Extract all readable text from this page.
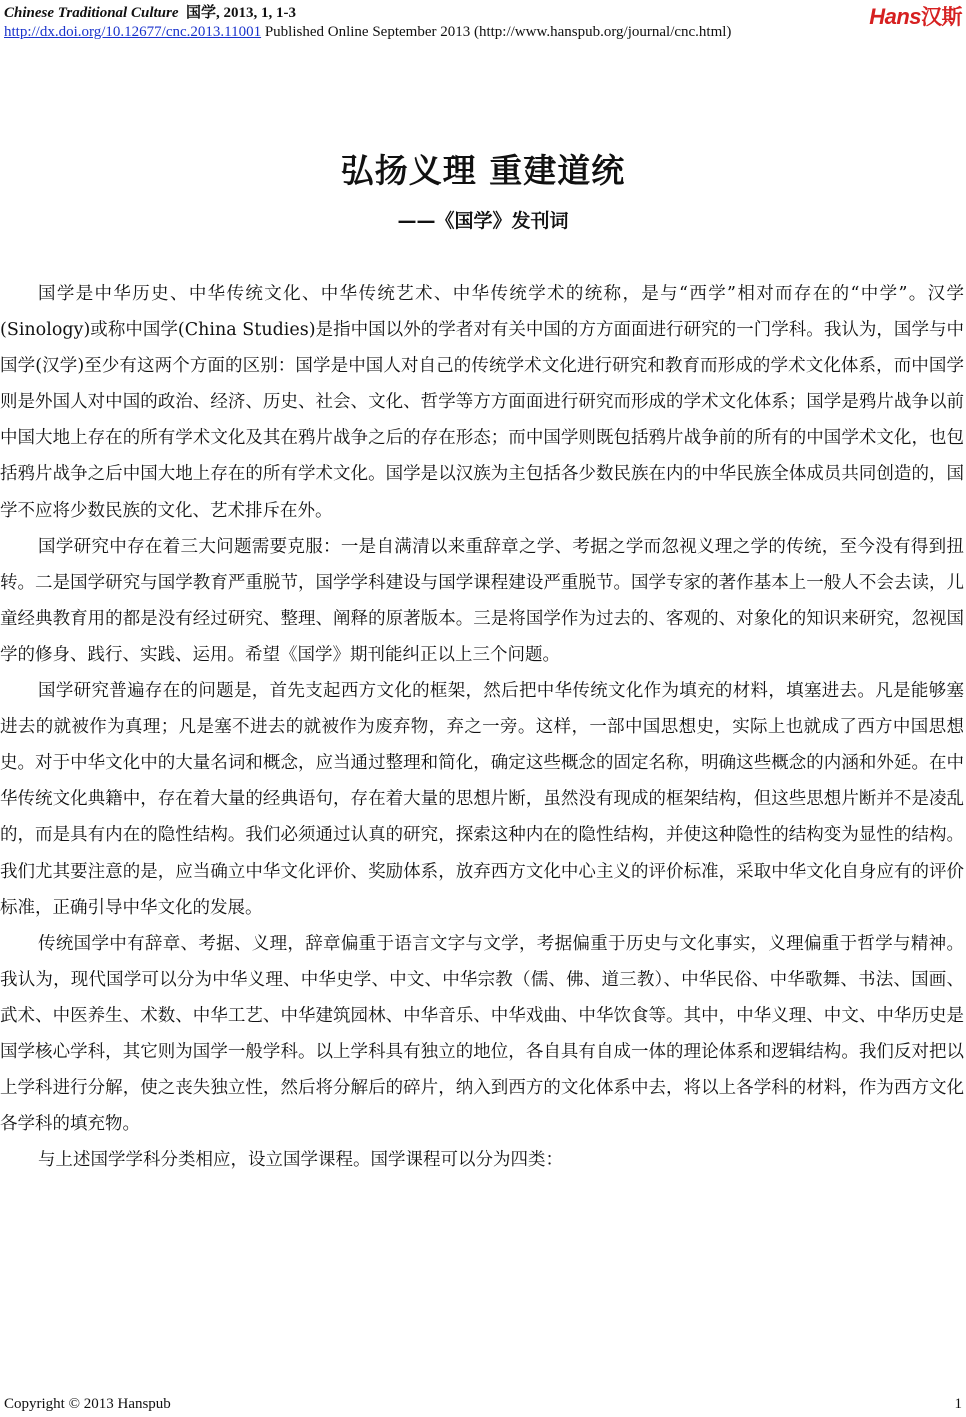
Chinese Traditional Culture 国学, 2013, 1, 1-3	Hans汉斯
http://dx.doi.org/10.12677/cnc.2013.11001 Published Online September 2013 (http://www.hanspub.org/journal/cnc.html)
弘扬义理 重建道统
——《国学》发刊词

国学是中华历史、中华传统文化、中华传统艺术、中华传统学术的统称，是与“西学”相对而存在的“中学”。汉学(Sinology)或称中国学(China Studies)是指中国以外的学者对有关中国的方方面面进行研究的一门学科。我认为，国学与中国学(汉学)至少有这两个方面的区别：国学是中国人对自己的传统学术文化进行研究和教育而形成的学术文化体系，而中国学则是外国人对中国的政治、经济、历史、社会、文化、哲学等方方面面进行研究而形成的学术文化体系；国学是鸦片战争以前中国大地上存在的所有学术文化及其在鸦片战争之后的存在形态；而中国学则既包括鸦片战争前的所有的中国学术文化，也包括鸦片战争之后中国大地上存在的所有学术文化。国学是以汉族为主包括各少数民族在内的中华民族全体成员共同创造的，国学不应将少数民族的文化、艺术排斥在外。

国学研究中存在着三大问题需要克服：一是自满清以来重辞章之学、考据之学而忽视义理之学的传统，至今没有得到扭转。二是国学研究与国学教育严重脱节，国学学科建设与国学课程建设严重脱节。国学专家的著作基本上一般人不会去读，儿童经典教育用的都是没有经过研究、整理、阐释的原著版本。三是将国学作为过去的、客观的、对象化的知识来研究，忽视国学的修身、践行、实践、运用。希望《国学》期刊能纠正以上三个问题。

国学研究普遍存在的问题是，首先支起西方文化的框架，然后把中华传统文化作为填充的材料，填塞进去。凡是能够塞进去的就被作为真理；凡是塞不进去的就被作为废弃物，弃之一旁。这样，一部中国思想史，实际上也就成了西方中国思想史。对于中华文化中的大量名词和概念，应当通过整理和简化，确定这些概念的固定名称，明确这些概念的内涵和外延。在中华传统文化典籍中，存在着大量的经典语句，存在着大量的思想片断，虽然没有现成的框架结构，但这些思想片断并不是凌乱的，而是具有内在的隐性结构。我们必须通过认真的研究，探索这种内在的隐性结构，并使这种隐性的结构变为显性的结构。我们尤其要注意的是，应当确立中华文化评价、奖励体系，放弃西方文化中心主义的评价标准，采取中华文化自身应有的评价标准，正确引导中华文化的发展。

传统国学中有辞章、考据、义理，辞章偏重于语言文字与文学，考据偏重于历史与文化事实，义理偏重于哲学与精神。我认为，现代国学可以分为中华义理、中华史学、中文、中华宗教（儒、佛、道三教）、中华民俗、中华歌舞、书法、国画、武术、中医养生、术数、中华工艺、中华建筑园林、中华音乐、中华戏曲、中华饮食等。其中，中华义理、中文、中华历史是国学核心学科，其它则为国学一般学科。以上学科具有独立的地位，各自具有自成一体的理论体系和逻辑结构。我们反对把以上学科进行分解，使之丧失独立性，然后将分解后的碎片，纳入到西方的文化体系中去，将以上各学科的材料，作为西方文化各学科的填充物。

与上述国学学科分类相应，设立国学课程。国学课程可以分为四类：

Copyright © 2013 Hanspub	1
